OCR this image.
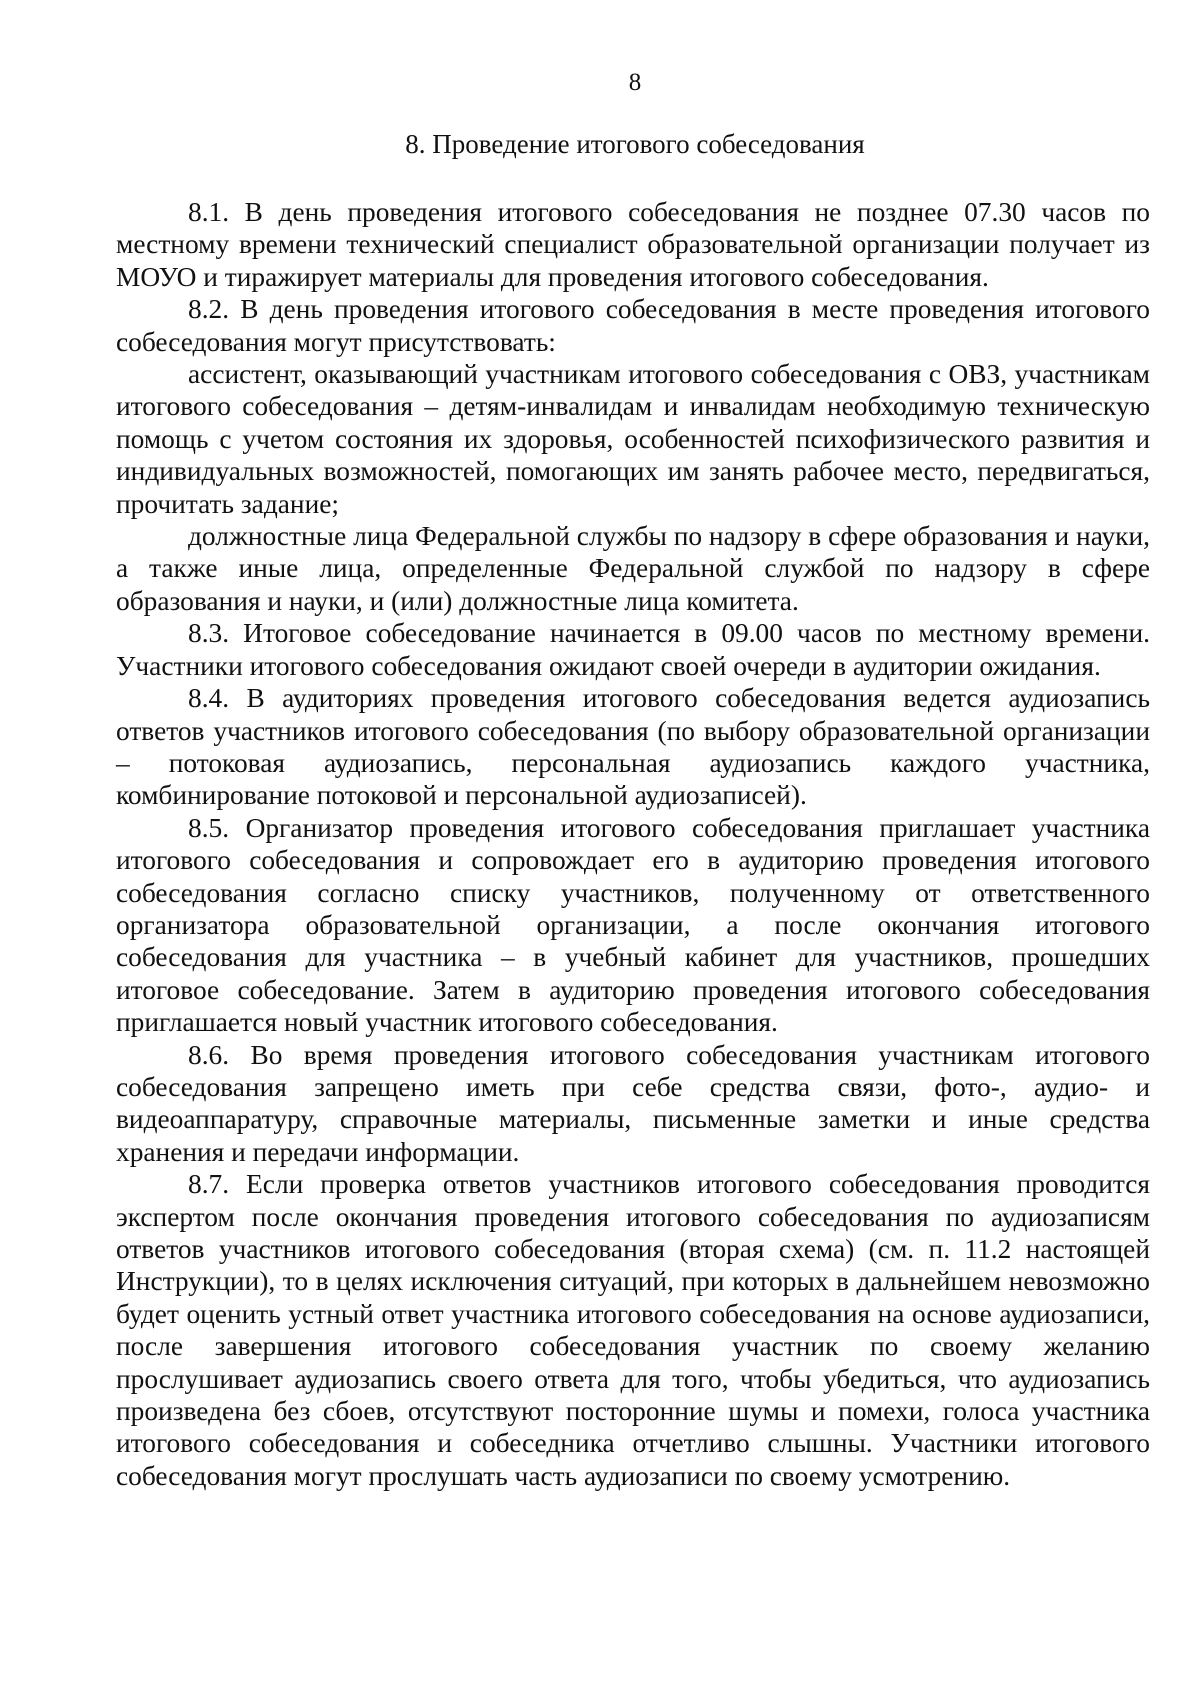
8
8. Проведение итогового собеседования

8.1. В день проведения итогового собеседования не позднее 07.30 часов по местному времени технический специалист образовательной организации получает из МОУО и тиражирует материалы для проведения итогового собеседования.

8.2. В день проведения итогового собеседования в месте проведения итогового собеседования могут присутствовать:

ассистент, оказывающий участникам итогового собеседования с ОВЗ, участникам итогового собеседования – детям-инвалидам и инвалидам необходимую техническую помощь с учетом состояния их здоровья, особенностей психофизического развития и индивидуальных возможностей, помогающих им занять рабочее место, передвигаться, прочитать задание;

должностные лица Федеральной службы по надзору в сфере образования и науки, а также иные лица, определенные Федеральной службой по надзору в сфере образования и науки, и (или) должностные лица комитета.

8.3. Итоговое собеседование начинается в 09.00 часов по местному времени. Участники итогового собеседования ожидают своей очереди в аудитории ожидания.

8.4. В аудиториях проведения итогового собеседования ведется аудиозапись ответов участников итогового собеседования (по выбору образовательной организации – потоковая аудиозапись, персональная аудиозапись каждого участника, комбинирование потоковой и персональной аудиозаписей).

8.5. Организатор проведения итогового собеседования приглашает участника итогового собеседования и сопровождает его в аудиторию проведения итогового собеседования согласно списку участников, полученному от ответственного организатора образовательной организации, а после окончания итогового собеседования для участника – в учебный кабинет для участников, прошедших итоговое собеседование. Затем в аудиторию проведения итогового собеседования приглашается новый участник итогового собеседования.

8.6. Во время проведения итогового собеседования участникам итогового собеседования запрещено иметь при себе средства связи, фото-, аудио- и видеоаппаратуру, справочные материалы, письменные заметки и иные средства хранения и передачи информации.

8.7. Если проверка ответов участников итогового собеседования проводится экспертом после окончания проведения итогового собеседования по аудиозаписям ответов участников итогового собеседования (вторая схема) (см. п. 11.2 настоящей Инструкции), то в целях исключения ситуаций, при которых в дальнейшем невозможно будет оценить устный ответ участника итогового собеседования на основе аудиозаписи, после завершения итогового собеседования участник по своему желанию прослушивает аудиозапись своего ответа для того, чтобы убедиться, что аудиозапись произведена без сбоев, отсутствуют посторонние шумы и помехи, голоса участника итогового собеседования и собеседника отчетливо слышны. Участники итогового собеседования могут прослушать часть аудиозаписи по своему усмотрению.
